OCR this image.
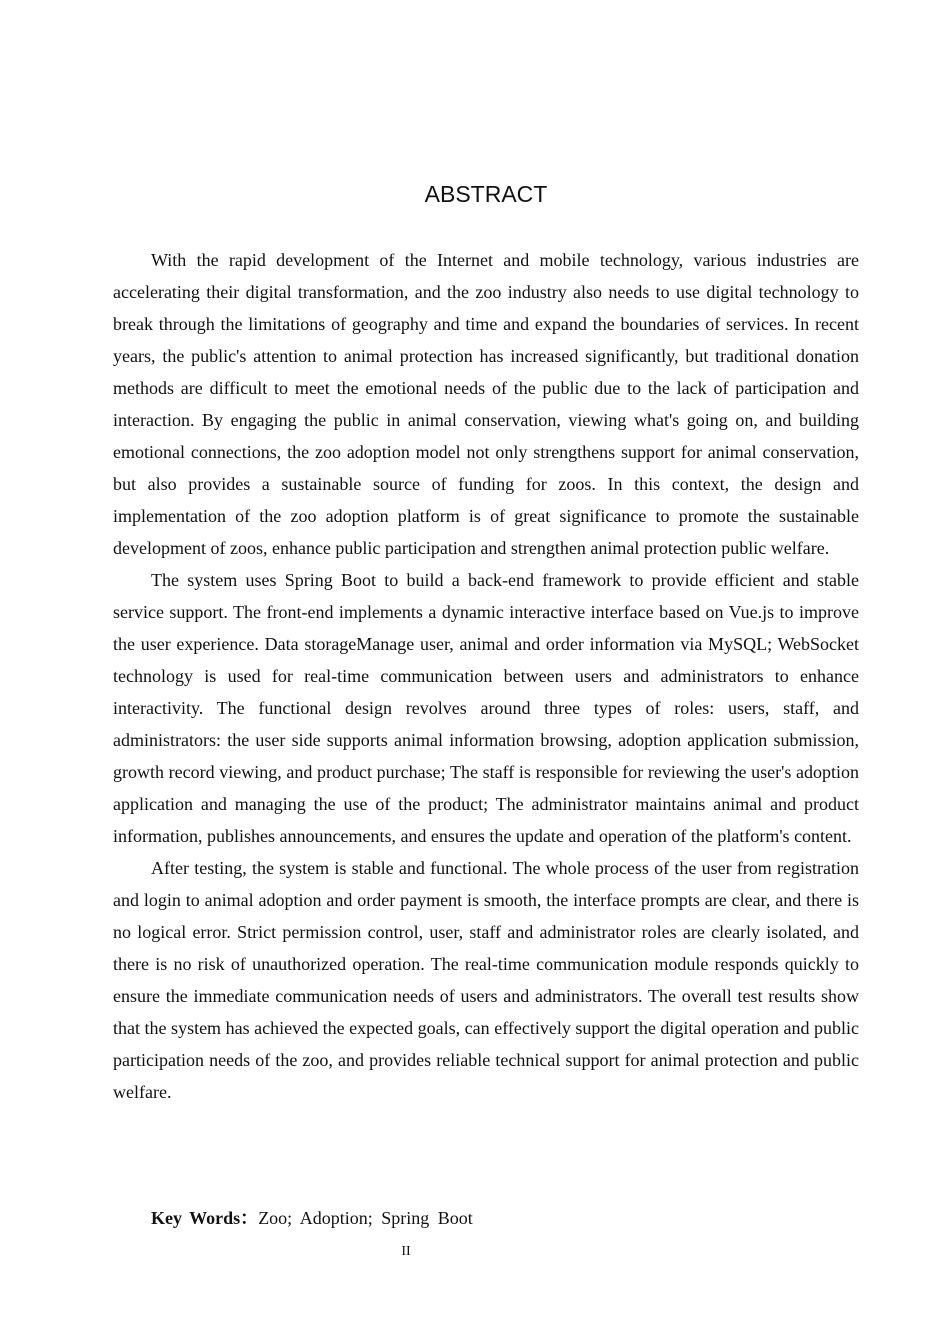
ABSTRACT

With the rapid development of the Internet and mobile technology, various industries are accelerating their digital transformation, and the zoo industry also needs to use digital technology to break through the limitations of geography and time and expand the boundaries of services. In recent years, the public's attention to animal protection has increased significantly, but traditional donation methods are difficult to meet the emotional needs of the public due to the lack of participation and interaction. By engaging the public in animal conservation, viewing what's going on, and building emotional connections, the zoo adoption model not only strengthens support for animal conservation, but also provides a sustainable source of funding for zoos. In this context, the design and implementation of the zoo adoption platform is of great significance to promote the sustainable development of zoos, enhance public participation and strengthen animal protection public welfare.

The system uses Spring Boot to build a back-end framework to provide efficient and stable service support. The front-end implements a dynamic interactive interface based on Vue.js to improve the user experience. Data storageManage user, animal and order information via MySQL; WebSocket technology is used for real-time communication between users and administrators to enhance interactivity. The functional design revolves around three types of roles: users, staff, and administrators: the user side supports animal information browsing, adoption application submission, growth record viewing, and product purchase; The staff is responsible for reviewing the user's adoption application and managing the use of the product; The administrator maintains animal and product information, publishes announcements, and ensures the update and operation of the platform's content.

After testing, the system is stable and functional. The whole process of the user from registration and login to animal adoption and order payment is smooth, the interface prompts are clear, and there is no logical error. Strict permission control, user, staff and administrator roles are clearly isolated, and there is no risk of unauthorized operation. The real-time communication module responds quickly to ensure the immediate communication needs of users and administrators. The overall test results show that the system has achieved the expected goals, can effectively support the digital operation and public participation needs of the zoo, and provides reliable technical support for animal protection and public welfare.

Key Words：Zoo; Adoption; Spring Boot
II
